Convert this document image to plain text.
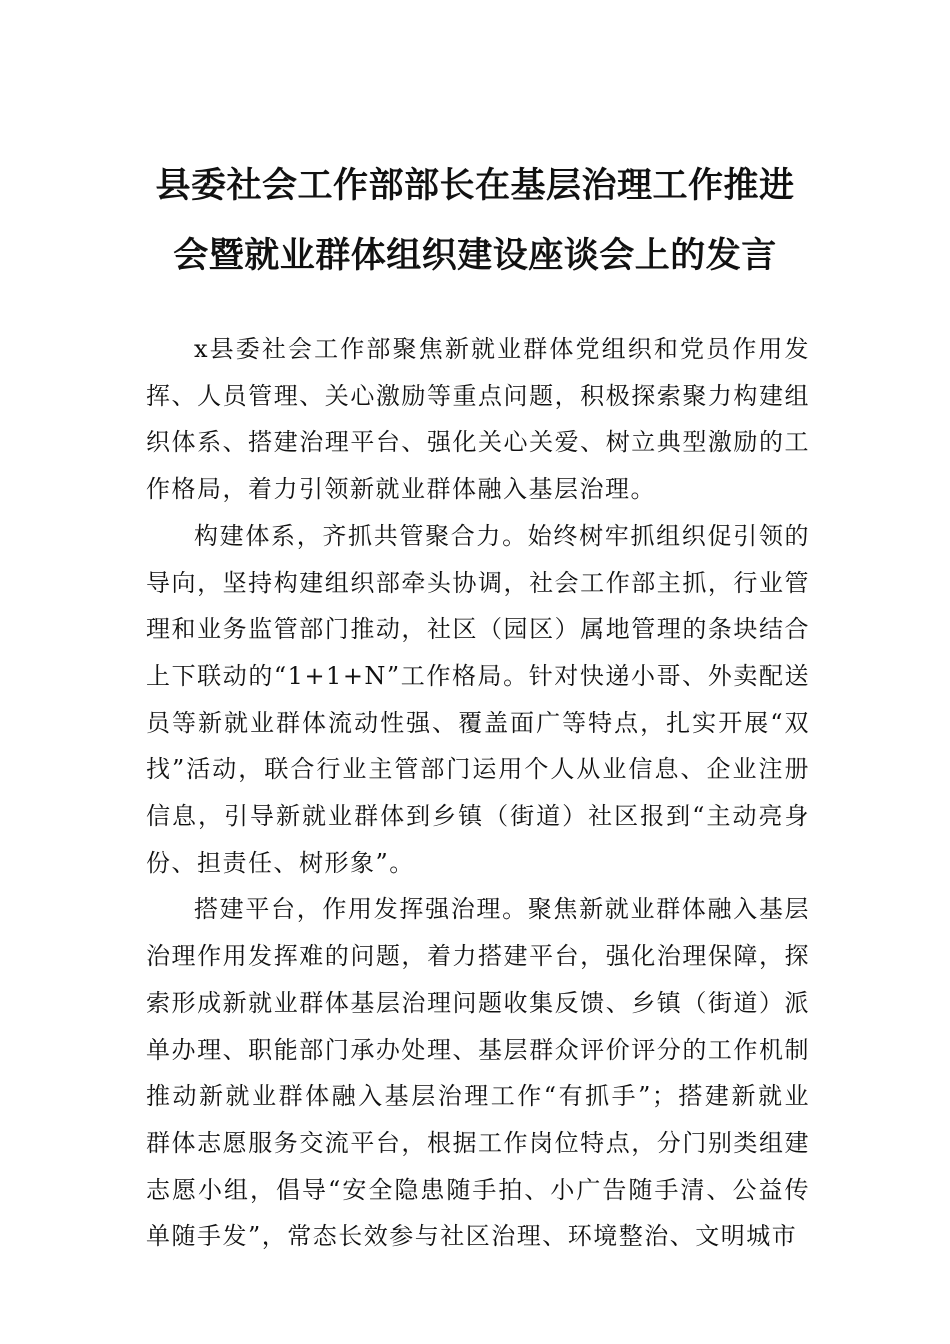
县委社会工作部部长在基层治理工作推进
会暨就业群体组织建设座谈会上的发言

x县委社会工作部聚焦新就业群体党组织和党员作用发挥、人员管理、关心激励等重点问题，积极探索聚力构建组织体系、搭建治理平台、强化关心关爱、树立典型激励的工作格局，着力引领新就业群体融入基层治理。

构建体系，齐抓共管聚合力。始终树牢抓组织促引领的导向，坚持构建组织部牵头协调，社会工作部主抓，行业管理和业务监管部门推动，社区（园区）属地管理的条块结合上下联动的“1+1+N”工作格局。针对快递小哥、外卖配送员等新就业群体流动性强、覆盖面广等特点，扎实开展“双找”活动，联合行业主管部门运用个人从业信息、企业注册信息，引导新就业群体到乡镇（街道）社区报到“主动亮身份、担责任、树形象”。

搭建平台，作用发挥强治理。聚焦新就业群体融入基层治理作用发挥难的问题，着力搭建平台，强化治理保障，探索形成新就业群体基层治理问题收集反馈、乡镇（街道）派单办理、职能部门承办处理、基层群众评价评分的工作机制推动新就业群体融入基层治理工作“有抓手”；搭建新就业群体志愿服务交流平台，根据工作岗位特点，分门别类组建志愿小组，倡导“安全隐患随手拍、小广告随手清、公益传单随手发”，常态长效参与社区治理、环境整治、文明城市
